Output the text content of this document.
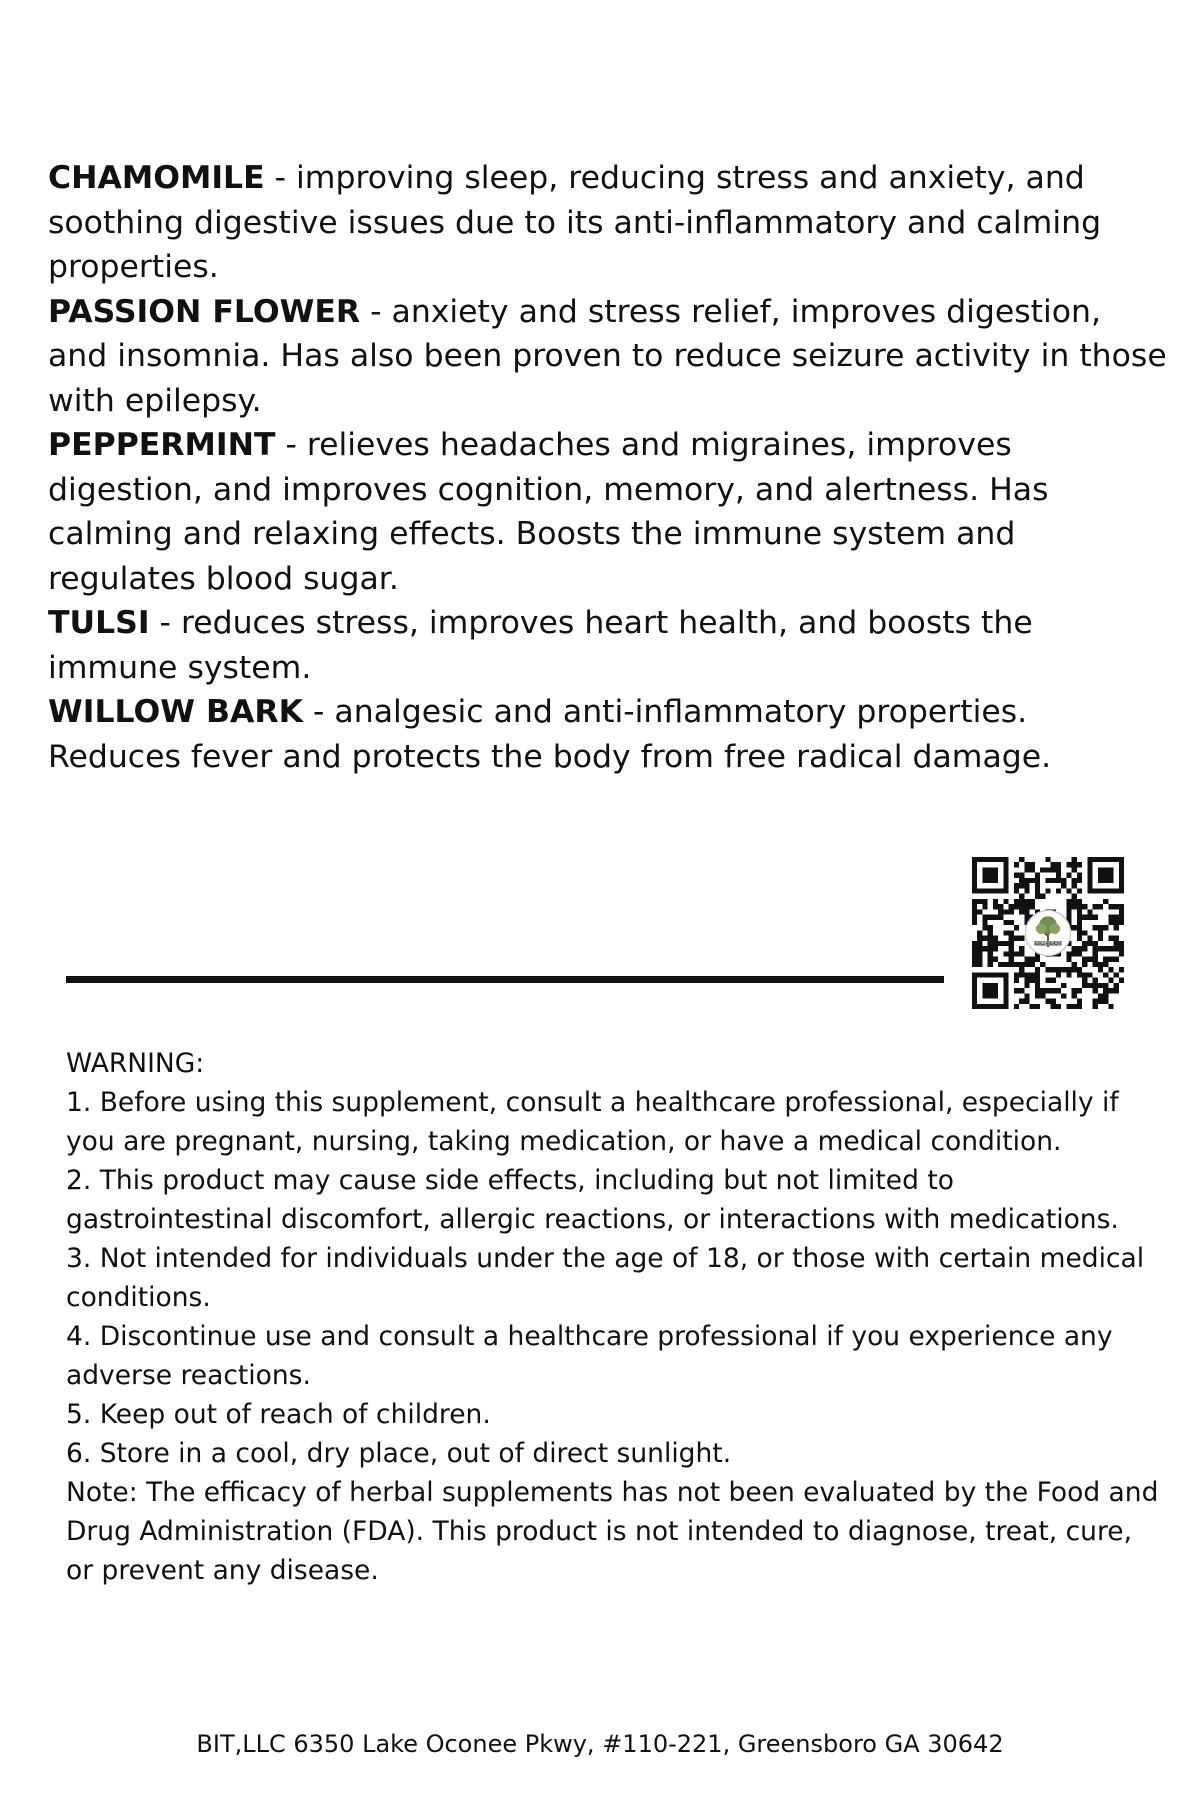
CHAMOMILE - improving sleep, reducing stress and anxiety, and soothing digestive issues due to its anti-inflammatory and calming properties.

PASSION FLOWER - anxiety and stress relief, improves digestion, and insomnia. Has also been proven to reduce seizure activity in those with epilepsy.

PEPPERMINT - relieves headaches and migraines, improves digestion, and improves cognition, memory, and alertness. Has calming and relaxing effects. Boosts the immune system and regulates blood sugar.

TULSI - reduces stress, improves heart health, and boosts the immune system.

WILLOW BARK - analgesic and anti-inflammatory properties. Reduces fever and protects the body from free radical damage.

WARNING:
1. Before using this supplement, consult a healthcare professional, especially if you are pregnant, nursing, taking medication, or have a medical condition.
2. This product may cause side effects, including but not limited to gastrointestinal discomfort, allergic reactions, or interactions with medications.
3. Not intended for individuals under the age of 18, or those with certain medical conditions.
4. Discontinue use and consult a healthcare professional if you experience any adverse reactions.
5. Keep out of reach of children.
6. Store in a cool, dry place, out of direct sunlight.
Note: The efficacy of herbal supplements has not been evaluated by the Food and Drug Administration (FDA). This product is not intended to diagnose, treat, cure, or prevent any disease.
BIT,LLC 6350 Lake Oconee Pkwy, #110-221, Greensboro GA 30642
